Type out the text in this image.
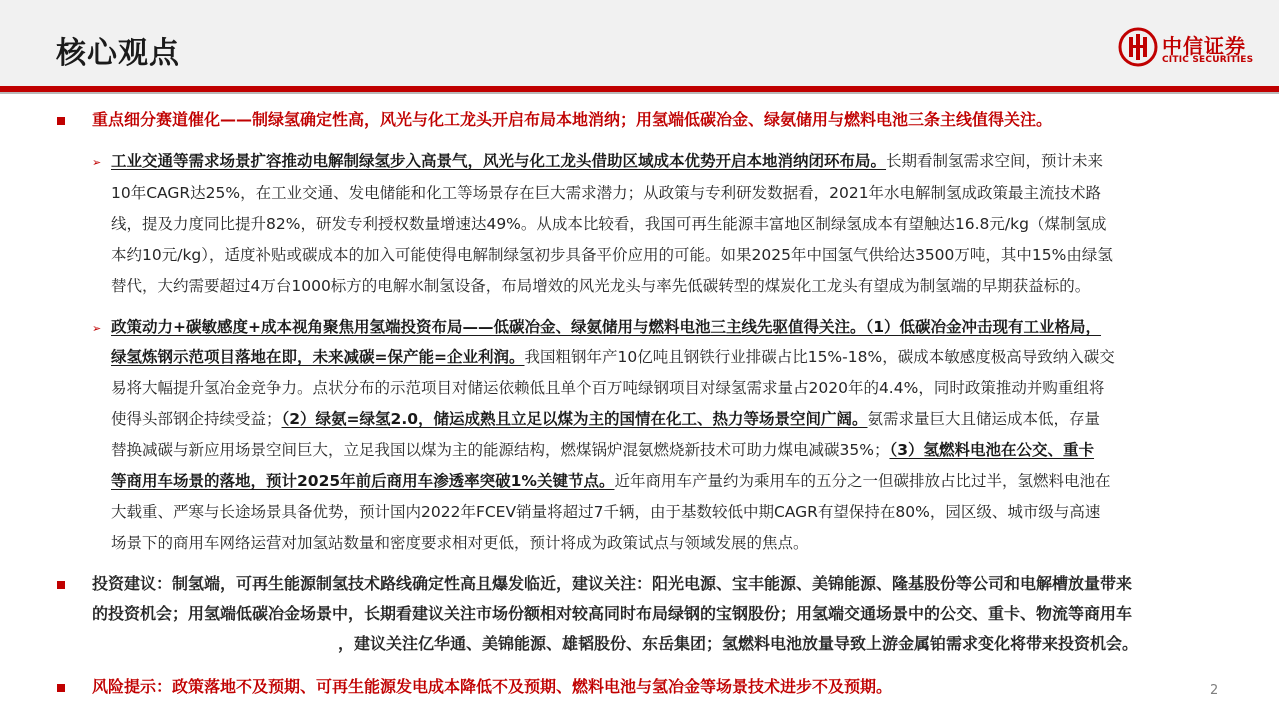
核心观点	中信证券
CITIC SECURITIES
重点细分赛道催化——制绿氢确定性高，风光与化工龙头开启布局本地消纳；用氢端低碳冶金、绿氨储用与燃料电池三条主线值得关注。
➢ 工业交通等需求场景扩容推动电解制绿氢步入高景气，风光与化工龙头借助区域成本优势开启本地消纳闭环布局。长期看制氢需求空间，预计未来
10年CAGR达25%，在工业交通、发电储能和化工等场景存在巨大需求潜力；从政策与专利研发数据看，2021年水电解制氢成政策最主流技术路
线，提及力度同比提升82%，研发专利授权数量增速达49%。从成本比较看，我国可再生能源丰富地区制绿氢成本有望触达16.8元/kg（煤制氢成
本约10元/kg），适度补贴或碳成本的加入可能使得电解制绿氢初步具备平价应用的可能。如果2025年中国氢气供给达3500万吨，其中15%由绿氢
替代，大约需要超过4万台1000标方的电解水制氢设备，布局增效的风光龙头与率先低碳转型的煤炭化工龙头有望成为制氢端的早期获益标的。
➢ 政策动力+碳敏感度+成本视角聚焦用氢端投资布局——低碳冶金、绿氨储用与燃料电池三主线先驱值得关注。（1）低碳冶金冲击现有工业格局，
绿氢炼钢示范项目落地在即，未来减碳=保产能=企业利润。我国粗钢年产10亿吨且钢铁行业排碳占比15%-18%，碳成本敏感度极高导致纳入碳交
易将大幅提升氢冶金竞争力。点状分布的示范项目对储运依赖低且单个百万吨绿钢项目对绿氢需求量占2020年的4.4%，同时政策推动并购重组将
使得头部钢企持续受益；（2）绿氨=绿氢2.0，储运成熟且立足以煤为主的国情在化工、热力等场景空间广阔。氨需求量巨大且储运成本低，存量
替换减碳与新应用场景空间巨大，立足我国以煤为主的能源结构，燃煤锅炉混氨燃烧新技术可助力煤电减碳35%；（3）氢燃料电池在公交、重卡
等商用车场景的落地，预计2025年前后商用车渗透率突破1%关键节点。近年商用车产量约为乘用车的五分之一但碳排放占比过半，氢燃料电池在
大载重、严寒与长途场景具备优势，预计国内2022年FCEV销量将超过7千辆，由于基数较低中期CAGR有望保持在80%，园区级、城市级与高速
场景下的商用车网络运营对加氢站数量和密度要求相对更低，预计将成为政策试点与领域发展的焦点。
投资建议：制氢端，可再生能源制氢技术路线确定性高且爆发临近，建议关注：阳光电源、宝丰能源、美锦能源、隆基股份等公司和电解槽放量带来
的投资机会；用氢端低碳冶金场景中，长期看建议关注市场份额相对较高同时布局绿钢的宝钢股份；用氢端交通场景中的公交、重卡、物流等商用车
，建议关注亿华通、美锦能源、雄韬股份、东岳集团；氢燃料电池放量导致上游金属铂需求变化将带来投资机会。
风险提示：政策落地不及预期、可再生能源发电成本降低不及预期、燃料电池与氢冶金等场景技术进步不及预期。	2
